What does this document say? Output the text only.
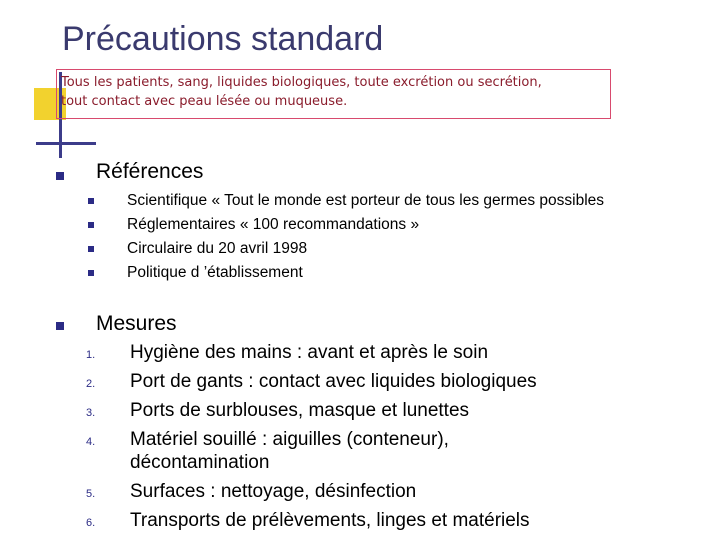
Précautions standard
Tous les patients, sang, liquides biologiques, toute excrétion ou secrétion,
tout contact avec peau lésée ou muqueuse.
Références
Scientifique « Tout le monde est porteur de tous les germes possibles
Réglementaires « 100 recommandations »
Circulaire du 20 avril 1998
Politique d ’établissement
Mesures
1. Hygiène des mains : avant et après le soin
2. Port de gants : contact avec liquides biologiques
3. Ports de surblouses, masque et lunettes
4. Matériel souillé : aiguilles (conteneur), décontamination
5. Surfaces : nettoyage, désinfection
6. Transports de prélèvements, linges et matériels
